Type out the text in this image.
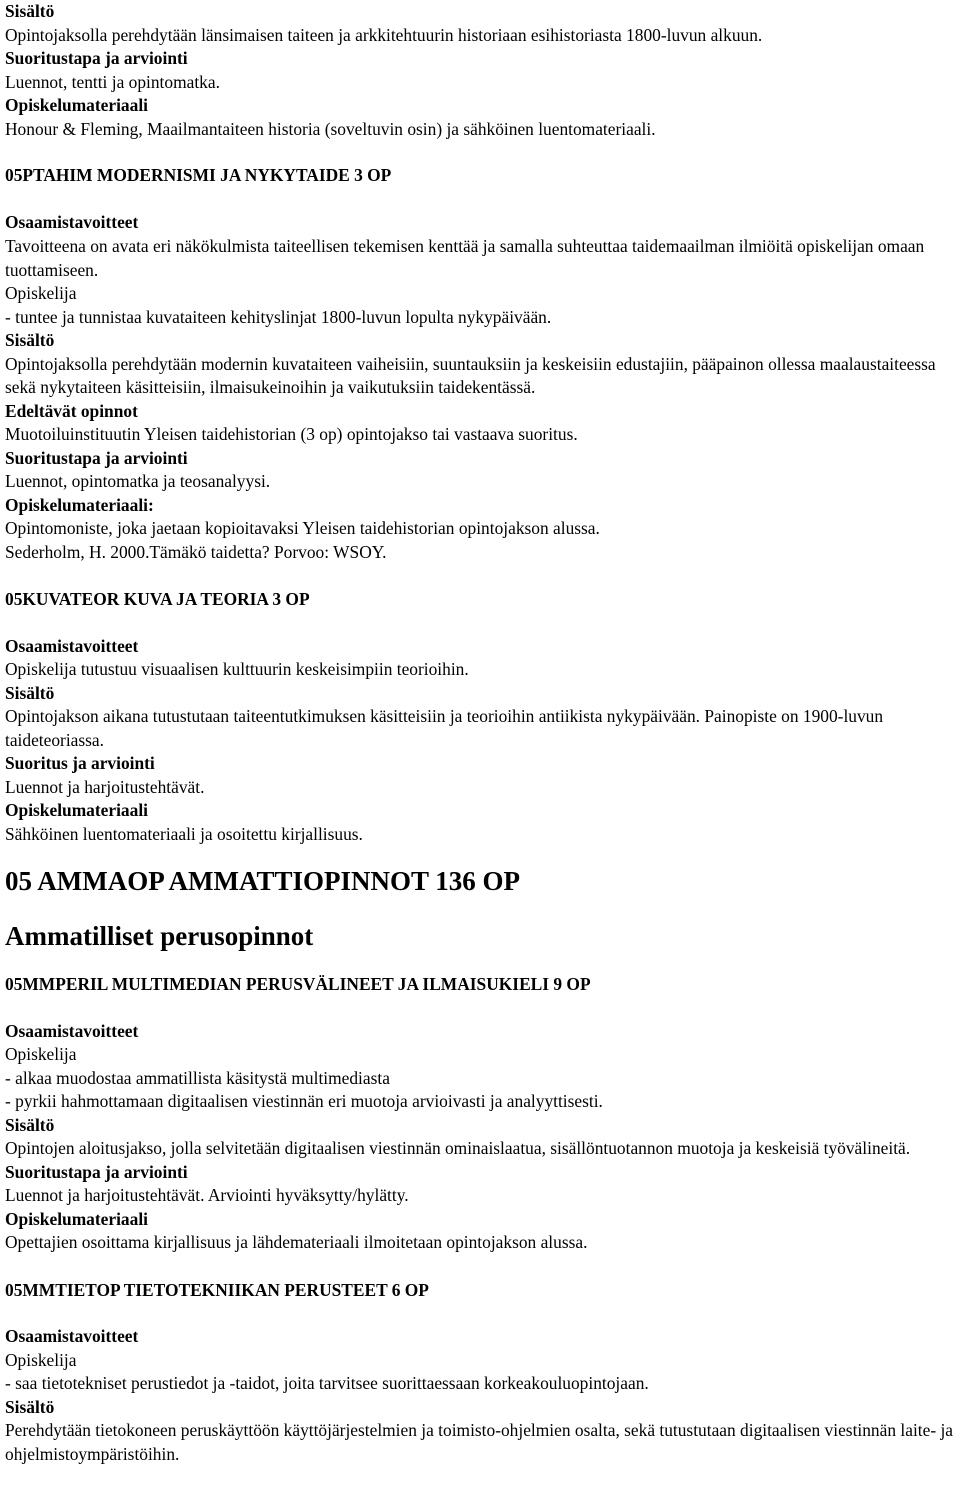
Sisältö

Opintojaksolla perehdytään länsimaisen taiteen ja arkkitehtuurin historiaan esihistoriasta 1800-luvun alkuun.

Suoritustapa ja arviointi

Luennot, tentti ja opintomatka.

Opiskelumateriaali

Honour & Fleming, Maailmantaiteen historia (soveltuvin osin) ja sähköinen luentomateriaali.

05PTAHIM MODERNISMI JA NYKYTAIDE 3 OP

Osaamistavoitteet

Tavoitteena on avata eri näkökulmista taiteellisen tekemisen kenttää ja samalla suhteuttaa taidemaailman ilmiöitä opiskelijan omaan tuottamiseen.

Opiskelija

- tuntee ja tunnistaa kuvataiteen kehityslinjat 1800-luvun lopulta nykypäivään.

Sisältö

Opintojaksolla perehdytään modernin kuvataiteen vaiheisiin, suuntauksiin ja keskeisiin edustajiin, pääpainon ollessa maalaustaiteessa sekä nykytaiteen käsitteisiin, ilmaisukeinoihin ja vaikutuksiin taidekentässä.

Edeltävät opinnot

Muotoiluinstituutin Yleisen taidehistorian (3 op) opintojakso tai vastaava suoritus.

Suoritustapa ja arviointi

Luennot, opintomatka ja teosanalyysi.

Opiskelumateriaali:

Opintomoniste, joka jaetaan kopioitavaksi Yleisen taidehistorian opintojakson alussa.

Sederholm, H. 2000.Tämäkö taidetta? Porvoo: WSOY.

05KUVATEOR KUVA JA TEORIA 3 OP

Osaamistavoitteet

Opiskelija tutustuu visuaalisen kulttuurin keskeisimpiin teorioihin.

Sisältö

Opintojakson aikana tutustutaan taiteentutkimuksen käsitteisiin ja teorioihin antiikista nykypäivään. Painopiste on 1900-luvun taideteoriassa.

Suoritus ja arviointi

Luennot ja harjoitustehtävät.

Opiskelumateriaali

Sähköinen luentomateriaali ja osoitettu kirjallisuus.

05 AMMAOP AMMATTIOPINNOT 136 OP

Ammatilliset perusopinnot

05MMPERIL MULTIMEDIAN PERUSVÄLINEET JA ILMAISUKIELI 9 OP

Osaamistavoitteet

Opiskelija

- alkaa muodostaa ammatillista käsitystä multimediasta

- pyrkii hahmottamaan digitaalisen viestinnän eri muotoja arvioivasti ja analyyttisesti.

Sisältö

Opintojen aloitusjakso, jolla selvitetään digitaalisen viestinnän ominaislaatua, sisällöntuotannon muotoja ja keskeisiä työvälineitä.

Suoritustapa ja arviointi

Luennot ja harjoitustehtävät. Arviointi hyväksytty/hylätty.

Opiskelumateriaali

Opettajien osoittama kirjallisuus ja lähdemateriaali ilmoitetaan opintojakson alussa.

05MMTIETOP TIETOTEKNIIKAN PERUSTEET 6 OP

Osaamistavoitteet

Opiskelija

- saa tietotekniset perustiedot ja -taidot, joita tarvitsee suorittaessaan korkeakouluopintojaan.

Sisältö

Perehdytään tietokoneen peruskäyttöön käyttöjärjestelmien ja toimisto-ohjelmien osalta, sekä tutustutaan digitaalisen viestinnän laite- ja ohjelmistoympäristöihin.
